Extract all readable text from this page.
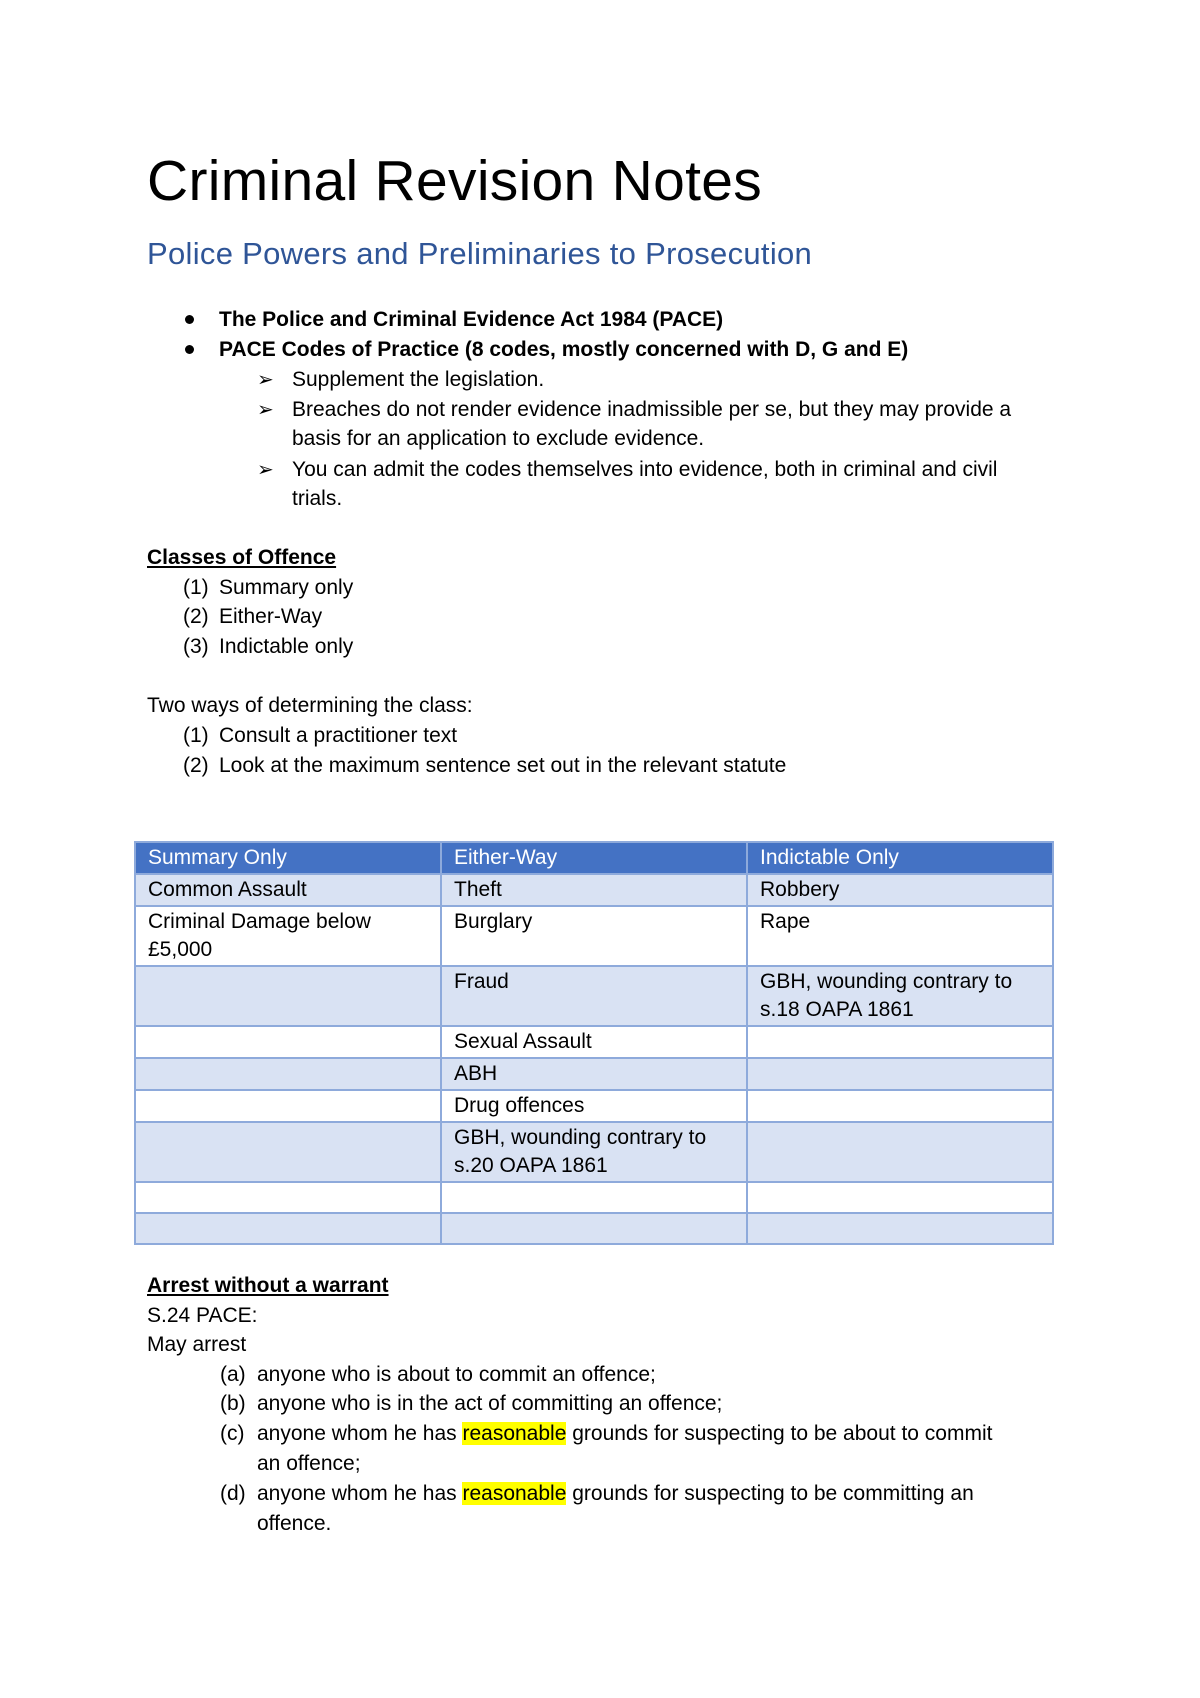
Criminal Revision Notes
Police Powers and Preliminaries to Prosecution
The Police and Criminal Evidence Act 1984 (PACE)
PACE Codes of Practice (8 codes, mostly concerned with D, G and E)
➢ Supplement the legislation.
➢ Breaches do not render evidence inadmissible per se, but they may provide a
basis for an application to exclude evidence.
➢ You can admit the codes themselves into evidence, both in criminal and civil
trials.
Classes of Offence
(1) Summary only
(2) Either-Way
(3) Indictable only
Two ways of determining the class:
(1) Consult a practitioner text
(2) Look at the maximum sentence set out in the relevant statute
Summary Only	Either-Way	Indictable Only
Common Assault	Theft	Robbery
Criminal Damage below £5,000	Burglary	Rape
	Fraud	GBH, wounding contrary to s.18 OAPA 1861
	Sexual Assault	
	ABH	
	Drug offences	
	GBH, wounding contrary to s.20 OAPA 1861	

Arrest without a warrant
S.24 PACE:
May arrest
(a) anyone who is about to commit an offence;
(b) anyone who is in the act of committing an offence;
(c) anyone whom he has reasonable grounds for suspecting to be about to commit
an offence;
(d) anyone whom he has reasonable grounds for suspecting to be committing an
offence.
